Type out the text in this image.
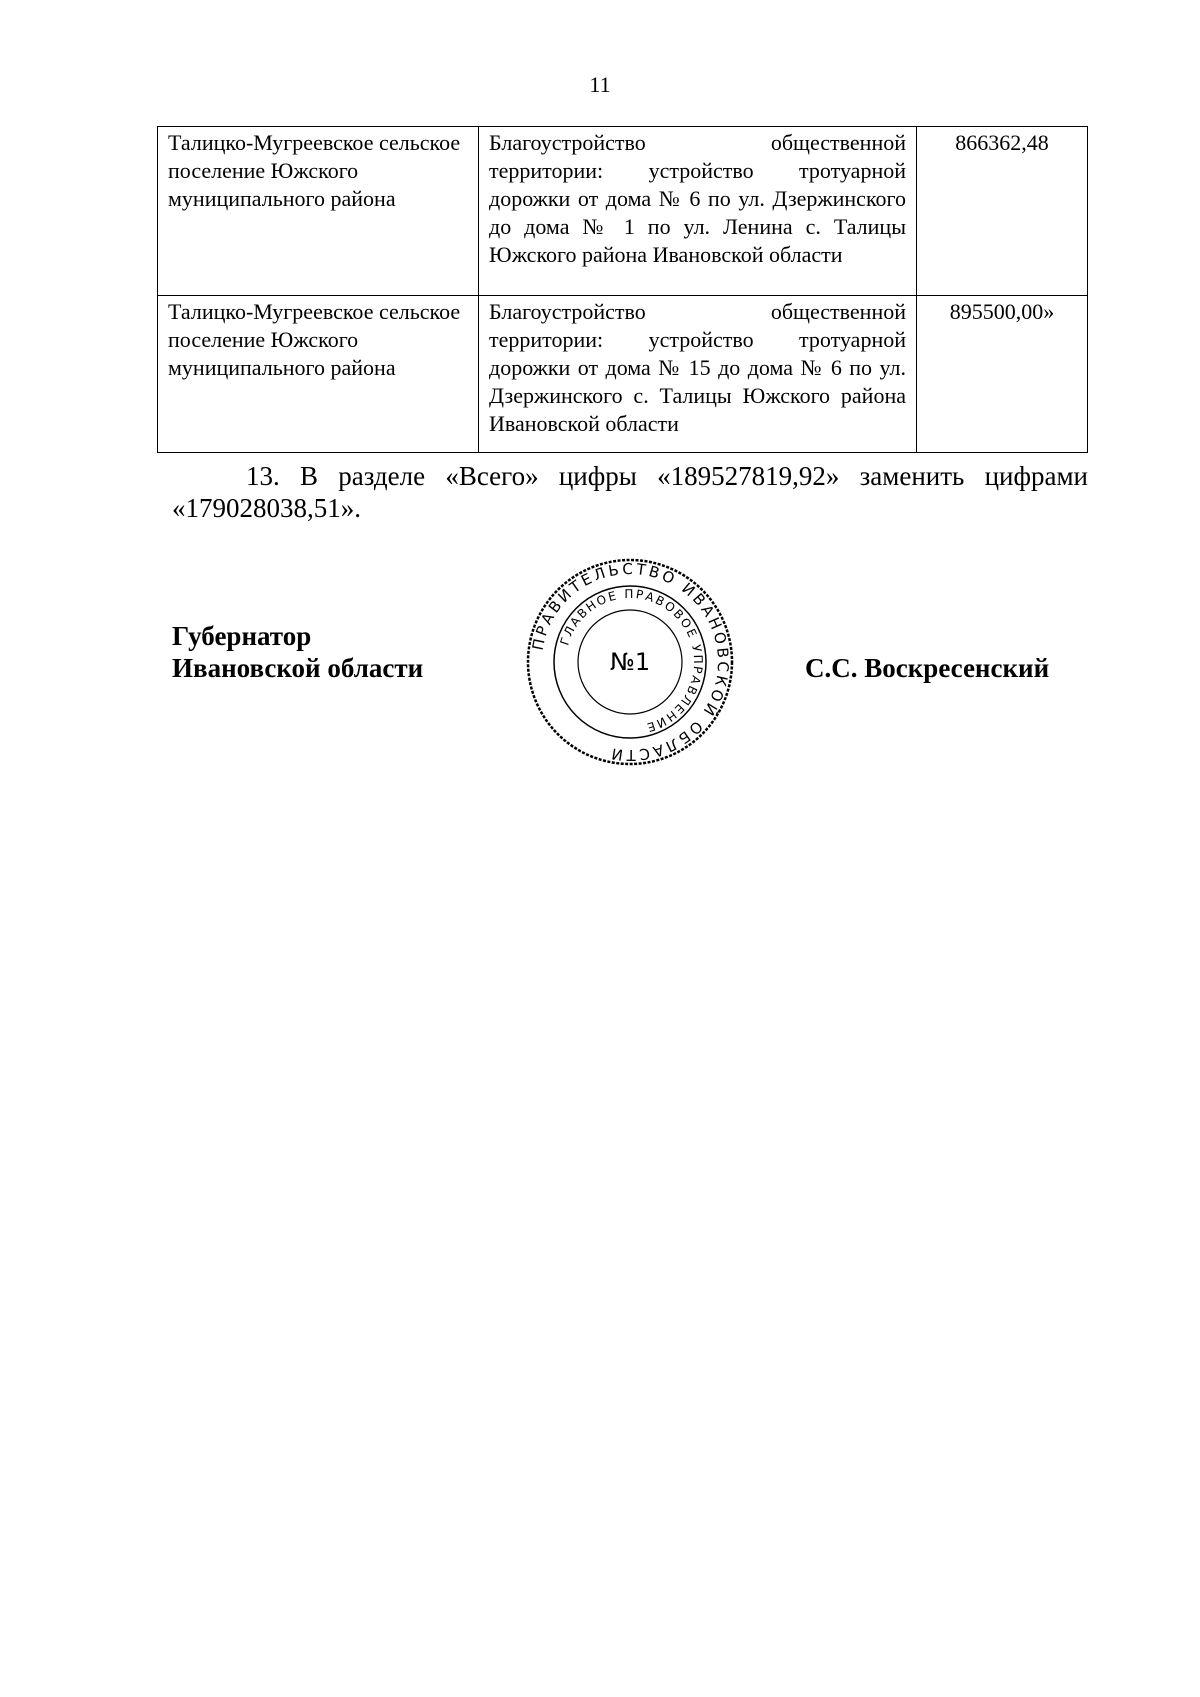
11
Талицко-Мугреевское сельское поселение Южского муниципального района	Благоустройство общественной территории: устройство тротуарной дорожки от дома № 6 по ул. Дзержинского до дома № 1 по ул. Ленина с. Талицы Южского района Ивановской области	866362,48
Талицко-Мугреевское сельское поселение Южского муниципального района	Благоустройство общественной территории: устройство тротуарной дорожки от дома № 15 до дома № 6 по ул. Дзержинского с. Талицы Южского района Ивановской области	895500,00»

13. В разделе «Всего» цифры «189527819,92» заменить цифрами «179028038,51».

Губернатор
Ивановской области
ПРАВИТЕЛЬСТВО ИВАНОВСКОЙ ОБЛАСТИ
ГЛАВНОЕ ПРАВОВОЕ УПРАВЛЕНИЕ
№1	С.С. Воскресенский
